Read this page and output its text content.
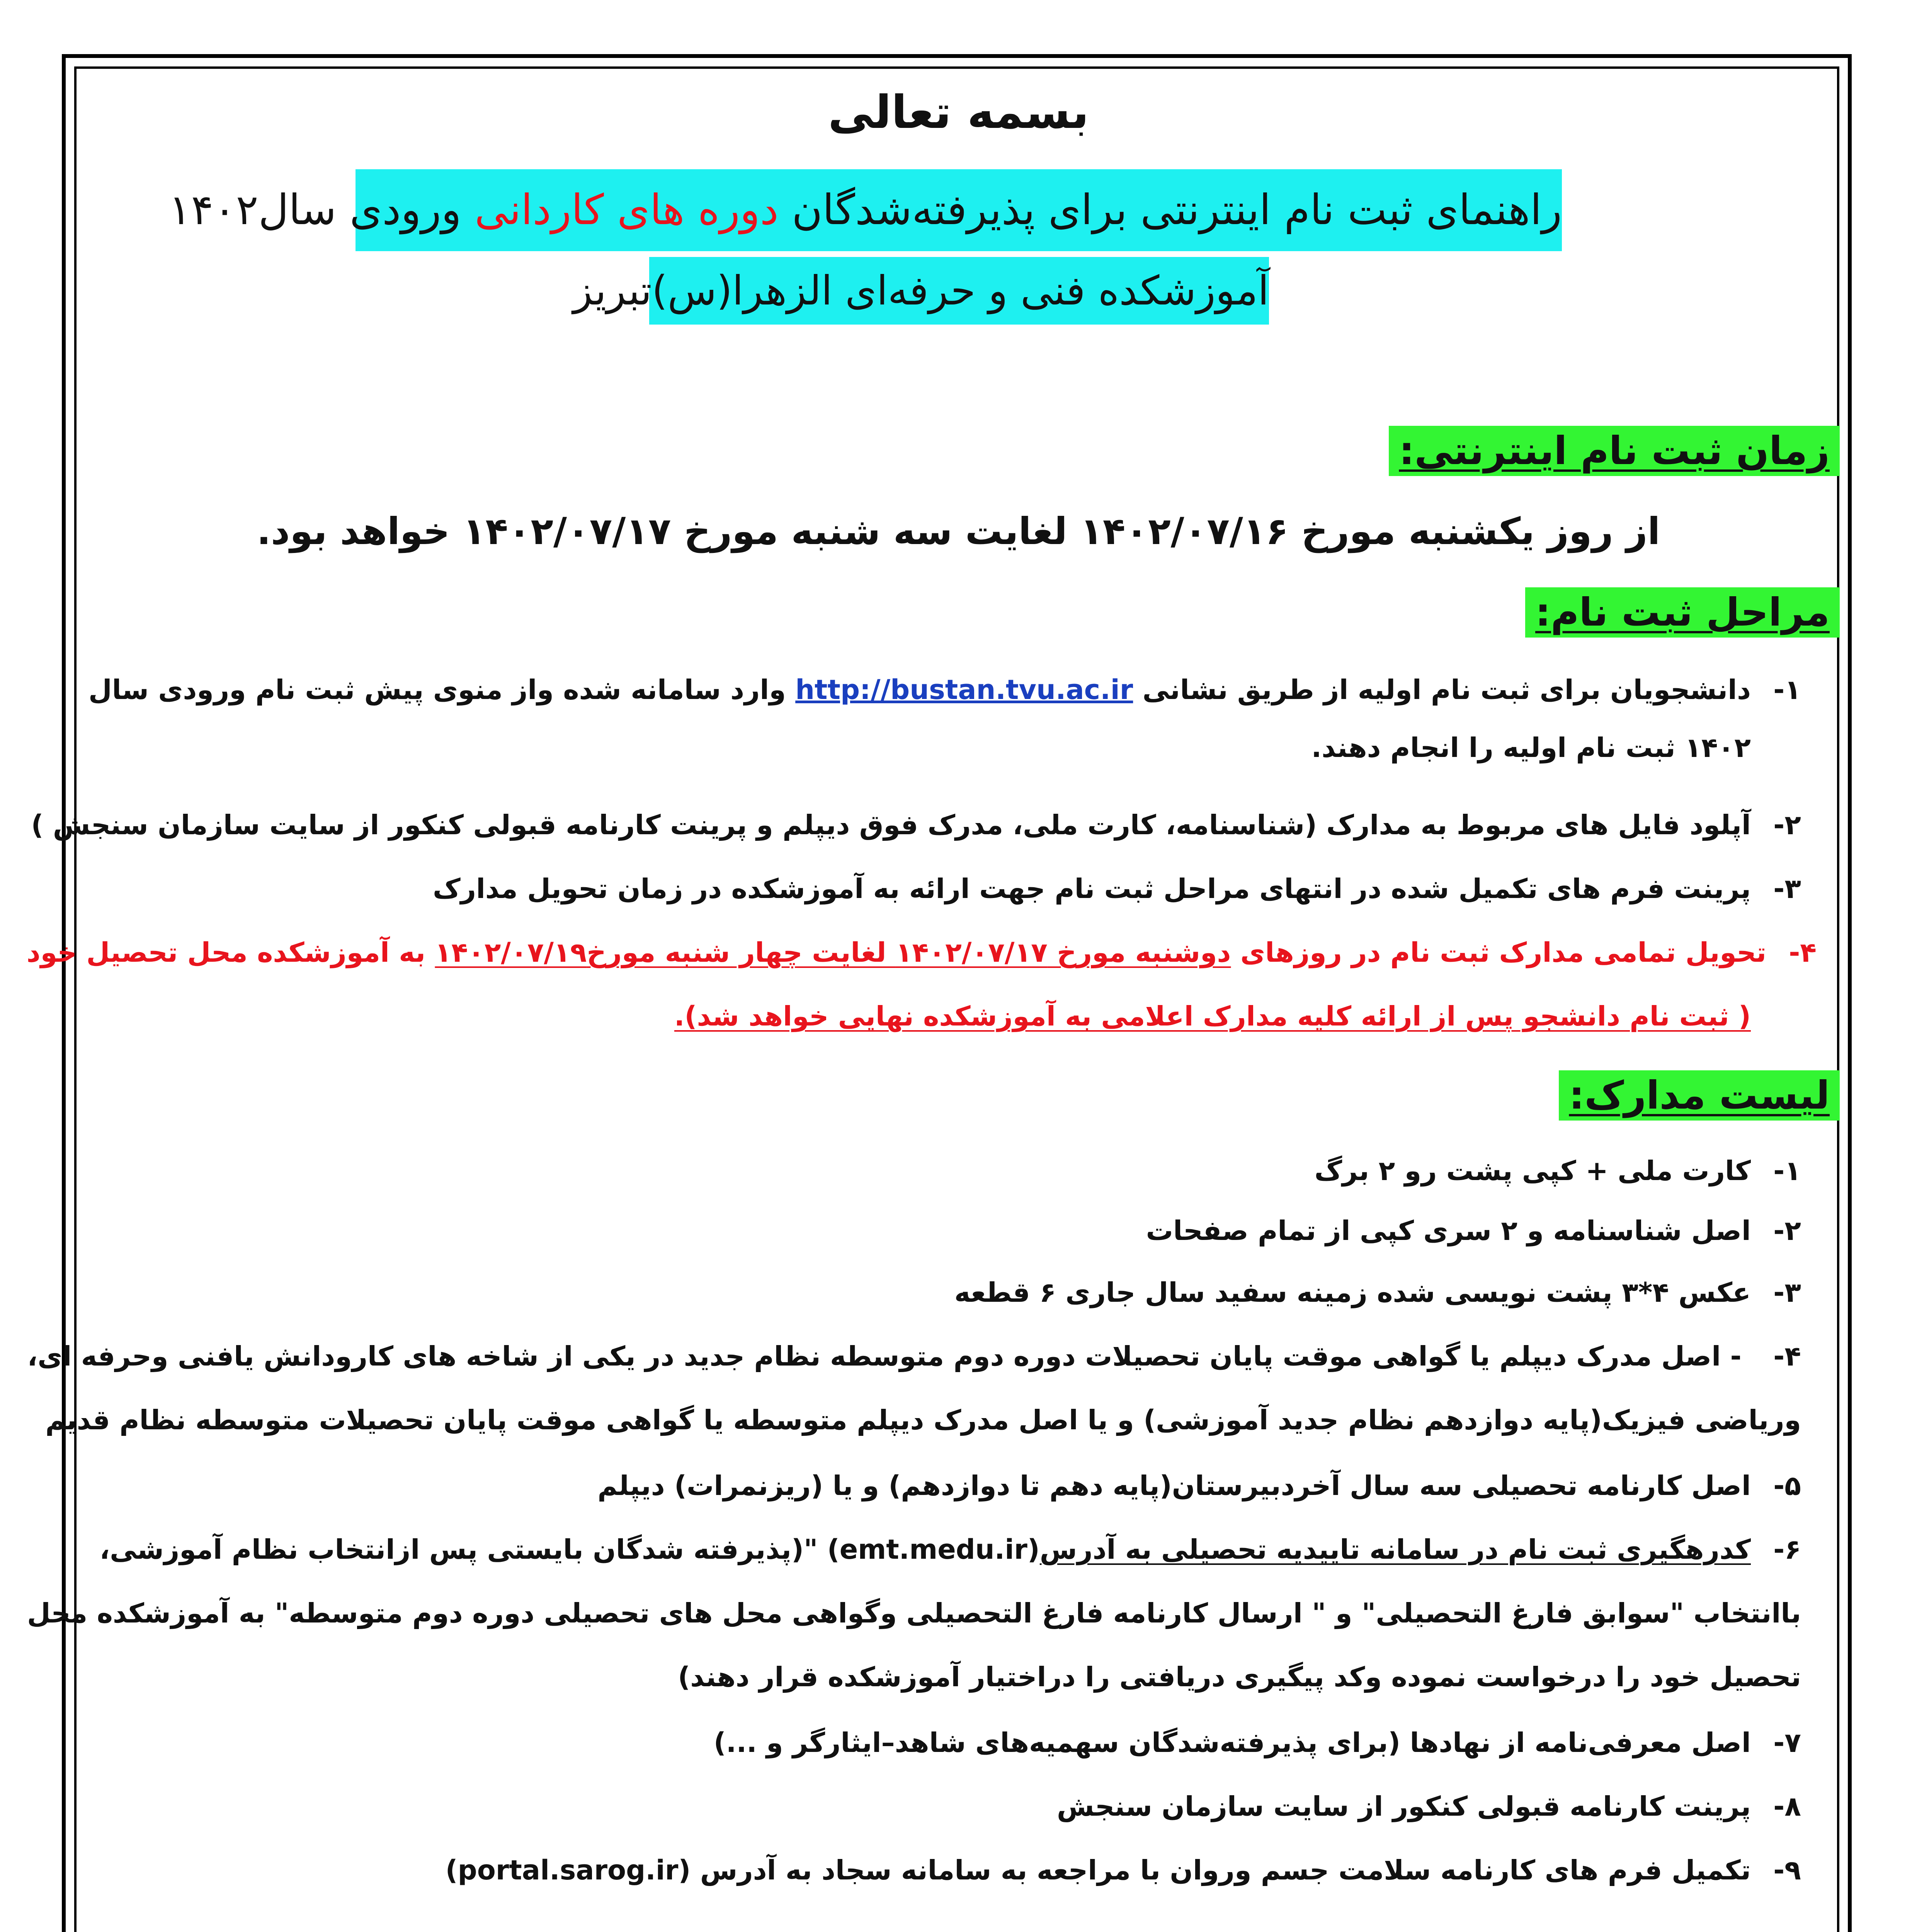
بسمه تعالی
راهنمای ثبت نام اینترنتی برای پذیرفته‌شدگان دوره های کاردانی ورودی سال۱۴۰۲
آموزشکده فنی و حرفه‌ای الزهرا(س)تبریز
زمان ثبت نام اینترنتی:
از روز یکشنبه مورخ ۱۴۰۲/۰۷/۱۶ لغایت سه شنبه مورخ ۱۴۰۲/۰۷/۱۷ خواهد بود.
مراحل ثبت نام:
۱-دانشجویان برای ثبت نام اولیه از طریق نشانی http://bustan.tvu.ac.ir وارد سامانه شده واز منوی پیش ثبت نام ورودی سال
۱۴۰۲ ثبت نام اولیه را انجام دهند.
۲-آپلود فایل های مربوط به مدارک (شناسنامه، کارت ملی، مدرک فوق دیپلم و پرینت کارنامه قبولی کنکور از سایت سازمان سنجش )
۳-پرینت فرم های تکمیل شده در انتهای مراحل ثبت نام جهت ارائه به آموزشکده در زمان تحویل مدارک
۴-تحویل تمامی مدارک ثبت نام در روزهای دوشنبه مورخ ۱۴۰۲/۰۷/۱۷ لغایت چهار شنبه مورخ۱۴۰۲/۰۷/۱۹ به آموزشکده محل تحصیل خود
( ثبت نام دانشجو پس از ارائه کلیه مدارک اعلامی به آموزشکده نهایی خواهد شد).
لیست مدارک:
۱-کارت ملی + کپی پشت رو ۲ برگ
۲-اصل شناسنامه و ۲ سری کپی از تمام صفحات
۳-عکس ۴*۳ پشت نویسی شده زمینه سفید سال جاری ۶ قطعه
۴- - اصل مدرک دیپلم یا گواهی موقت پایان تحصیلات دوره دوم متوسطه نظام جدید در یکی از شاخه های کارودانش یافنی وحرفه ای،
وریاضی فیزیک(پایه دوازدهم نظام جدید آموزشی) و یا اصل مدرک دیپلم متوسطه یا گواهی موقت پایان تحصیلات متوسطه نظام قدیم
۵-اصل کارنامه تحصیلی سه سال آخردبیرستان(پایه دهم تا دوازدهم) و یا (ریزنمرات) دیپلم
۶-کدرهگیری ثبت نام در سامانه تاییدیه تحصیلی به آدرس(emt.medu.ir) "(پذیرفته شدگان بایستی پس ازانتخاب نظام آموزشی،
باانتخاب "سوابق فارغ التحصیلی" و " ارسال کارنامه فارغ التحصیلی وگواهی محل های تحصیلی دوره دوم متوسطه" به آموزشکده محل
تحصیل خود را درخواست نموده وکد پیگیری دریافتی را دراختیار آموزشکده قرار دهند)
۷-اصل معرفی‌نامه از نهادها (برای پذیرفته‌شدگان سهمیه‌های شاهد–ایثارگر و ...)
۸-پرینت کارنامه قبولی کنکور از سایت سازمان سنجش
۹-تکمیل فرم های کارنامه سلامت جسم وروان با مراجعه به سامانه سجاد به آدرس (portal.sarog.ir)
